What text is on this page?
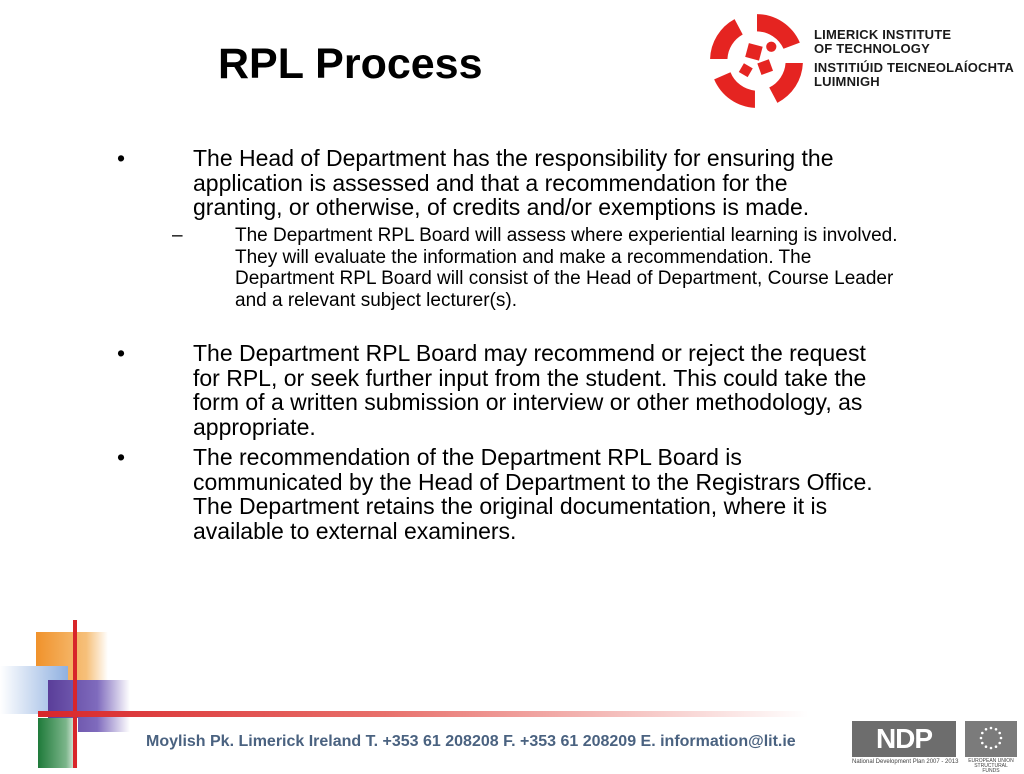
RPL Process
LIMERICK INSTITUTE
OF TECHNOLOGY
INSTITIÚID TEICNEOLAÍOCHTA
LUIMNIGH
•	The Head of Department has the responsibility for ensuring the application is assessed and that a recommendation for the granting, or otherwise, of credits and/or exemptions is made.
–	The Department RPL Board will assess where experiential learning is involved. They will evaluate the information and make a recommendation. The Department RPL Board will consist of the Head of Department, Course Leader and a relevant subject lecturer(s).
•	The Department RPL Board may recommend or reject the request for RPL, or seek further input from the student. This could take the form of a written submission or interview or other methodology, as appropriate.
•	The recommendation of the Department RPL Board is communicated by the Head of Department to the Registrars Office. The Department retains the original documentation, where it is available to external examiners.
Moylish Pk. Limerick Ireland T. +353 61 208208 F. +353 61 208209 E. information@lit.ie	NDP
National Development Plan 2007 - 2013	EUROPEAN UNION
STRUCTURAL FUNDS
